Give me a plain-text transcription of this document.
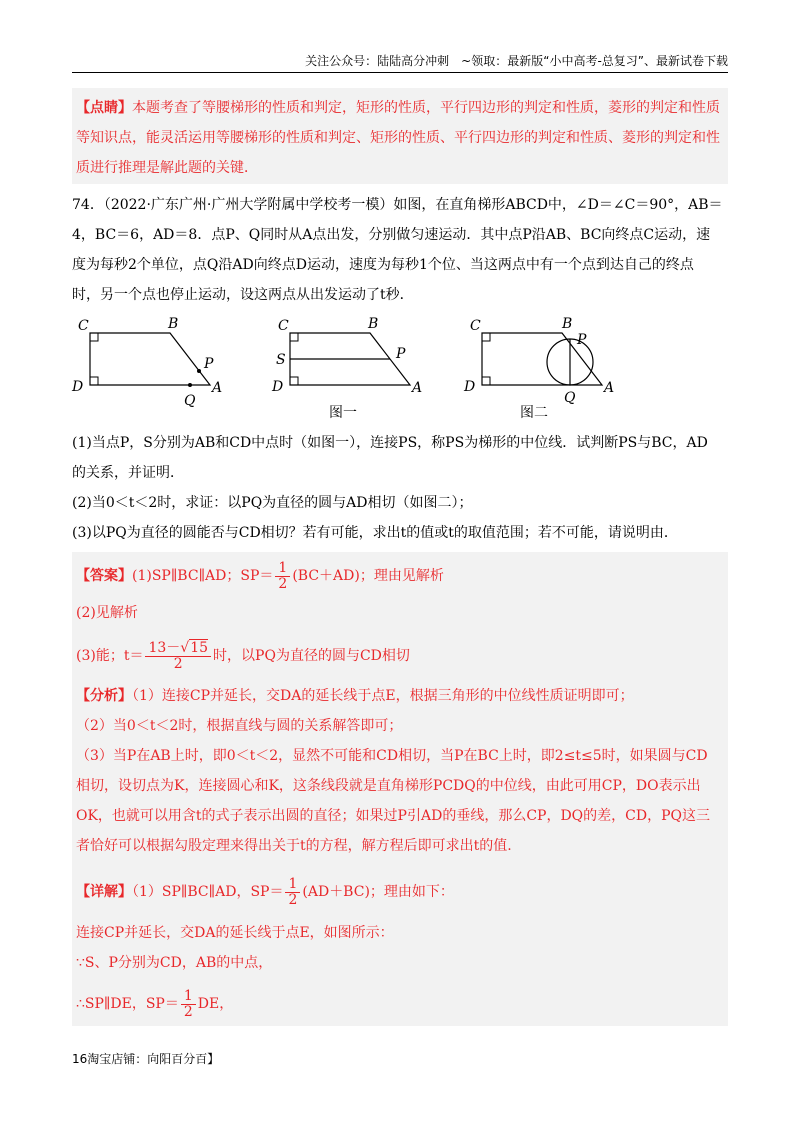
关注公众号：陆陆高分冲刺　~领取：最新版“小中高考-总复习”、最新试卷下载
【点睛】本题考查了等腰梯形的性质和判定，矩形的性质，平行四边形的判定和性质，菱形的判定和性质
等知识点，能灵活运用等腰梯形的性质和判定、矩形的性质、平行四边形的判定和性质、菱形的判定和性
质进行推理是解此题的关键．
74．（2022·广东广州·广州大学附属中学校考一模）如图，在直角梯形ABCD中，∠D＝∠C＝90°，AB＝
4，BC＝6，AD＝8．点P、Q同时从A点出发，分别做匀速运动．其中点P沿AB、BC向终点C运动，速
度为每秒2个单位，点Q沿AD向终点D运动，速度为每秒1个位、当这两点中有一个点到达自己的终点
时，另一个点也停止运动，设这两点从出发运动了t秒．
C	B
D	A
P
Q
C	B
S	P
D	A
C	B
P
D	A
Q
图一	图二
(1)当点P，S分别为AB和CD中点时（如图一），连接PS，称PS为梯形的中位线．试判断PS与BC，AD
的关系，并证明．
(2)当0＜t＜2时，求证：以PQ为直径的圆与AD相切（如图二）；
(3)以PQ为直径的圆能否与CD相切？若有可能，求出t的值或t的取值范围；若不可能，请说明由．
【答案】(1)SP∥BC∥AD；$SP= \frac{1}{2} (BC+AD)$；理由见解析
(2)见解析
(3)能；$t= \frac{13-√15}{2}$ 时，以PQ为直径的圆与CD相切
【分析】（1）连接CP并延长，交DA的延长线于点E，根据三角形的中位线性质证明即可；
（2）当0＜t＜2时，根据直线与圆的关系解答即可；
（3）当P在AB上时，即0＜t＜2，显然不可能和CD相切，当P在BC上时，即2≤t≤5时，如果圆与CD
相切，设切点为K，连接圆心和K，这条线段就是直角梯形PCDQ的中位线，由此可用CP，DO表示出
OK，也就可以用含t的式子表示出圆的直径；如果过P引AD的垂线，那么CP，DQ的差，CD，PQ这三
者恰好可以根据勾股定理来得出关于t的方程，解方程后即可求出t的值.
【详解】（1）SP∥BC∥AD，$SP= \frac{1}{2} (AD+BC)$；理由如下：
连接CP并延长，交DA的延长线于点E，如图所示：
∵S、P分别为CD，AB的中点，
∴SP∥DE，$SP= \frac{1}{2}$ DE，
16淘宝店铺：向阳百分百】
